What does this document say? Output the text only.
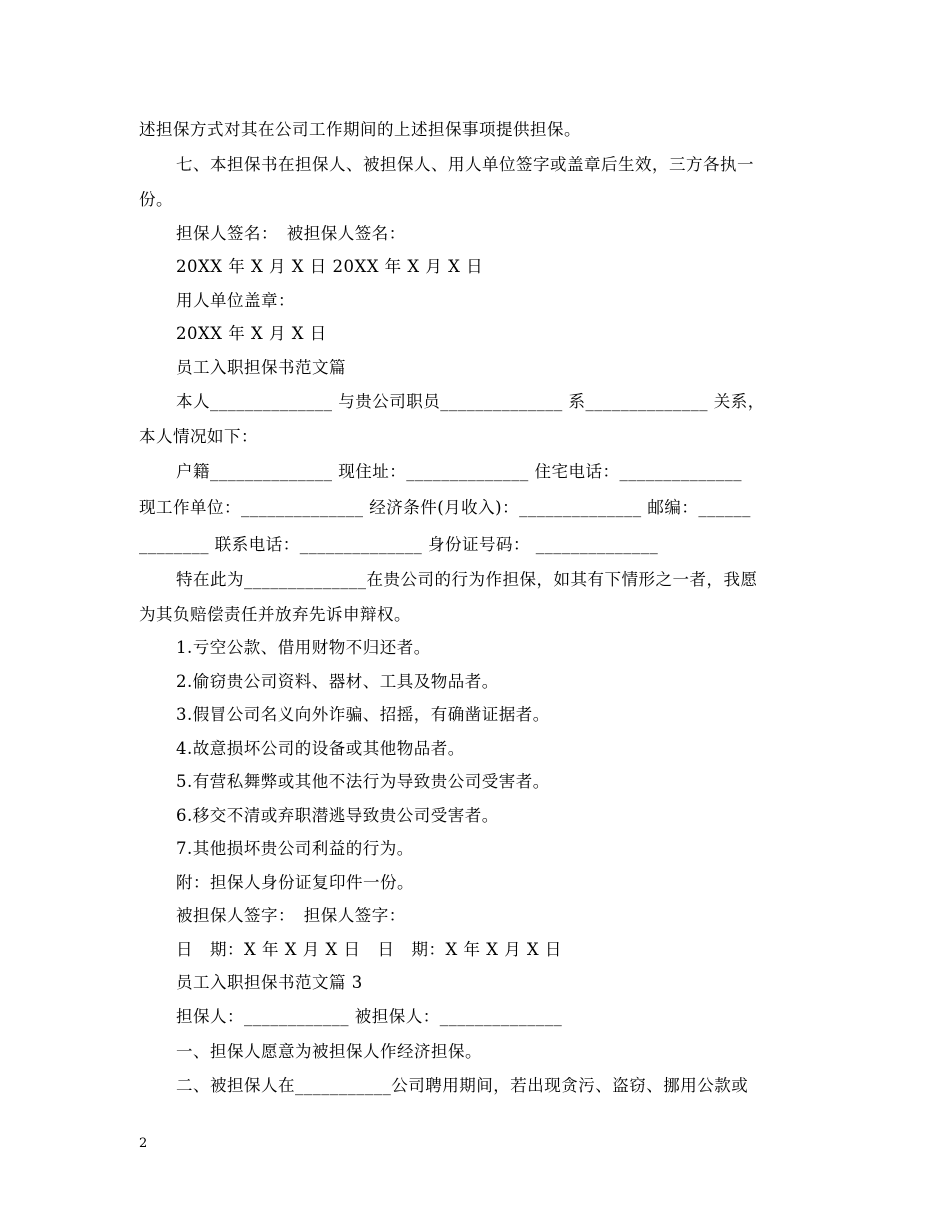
述担保方式对其在公司工作期间的上述担保事项提供担保。
七、本担保书在担保人、被担保人、用人单位签字或盖章后生效，三方各执一
份。
担保人签名：　被担保人签名：
20XX 年 X 月 X 日 20XX 年 X 月 X 日
用人单位盖章：
20XX 年 X 月 X 日
员工入职担保书范文篇
本人______________ 与贵公司职员______________ 系______________ 关系，
本人情况如下：
户籍______________ 现住址：______________ 住宅电话：______________
现工作单位：______________ 经济条件(月收入)：______________ 邮编：______
________ 联系电话：______________ 身份证号码： ______________
特在此为______________在贵公司的行为作担保，如其有下情形之一者，我愿
为其负赔偿责任并放弃先诉申辩权。
1.亏空公款、借用财物不归还者。
2.偷窃贵公司资料、器材、工具及物品者。
3.假冒公司名义向外诈骗、招摇，有确凿证据者。
4.故意损坏公司的设备或其他物品者。
5.有营私舞弊或其他不法行为导致贵公司受害者。
6.移交不清或弃职潜逃导致贵公司受害者。
7.其他损坏贵公司利益的行为。
附：担保人身份证复印件一份。
被担保人签字：　担保人签字：
日　期：X 年 X 月 X 日　日　期：X 年 X 月 X 日
员工入职担保书范文篇 3
担保人：____________ 被担保人：______________
一、担保人愿意为被担保人作经济担保。
二、被担保人在___________公司聘用期间，若出现贪污、盗窃、挪用公款或
2
